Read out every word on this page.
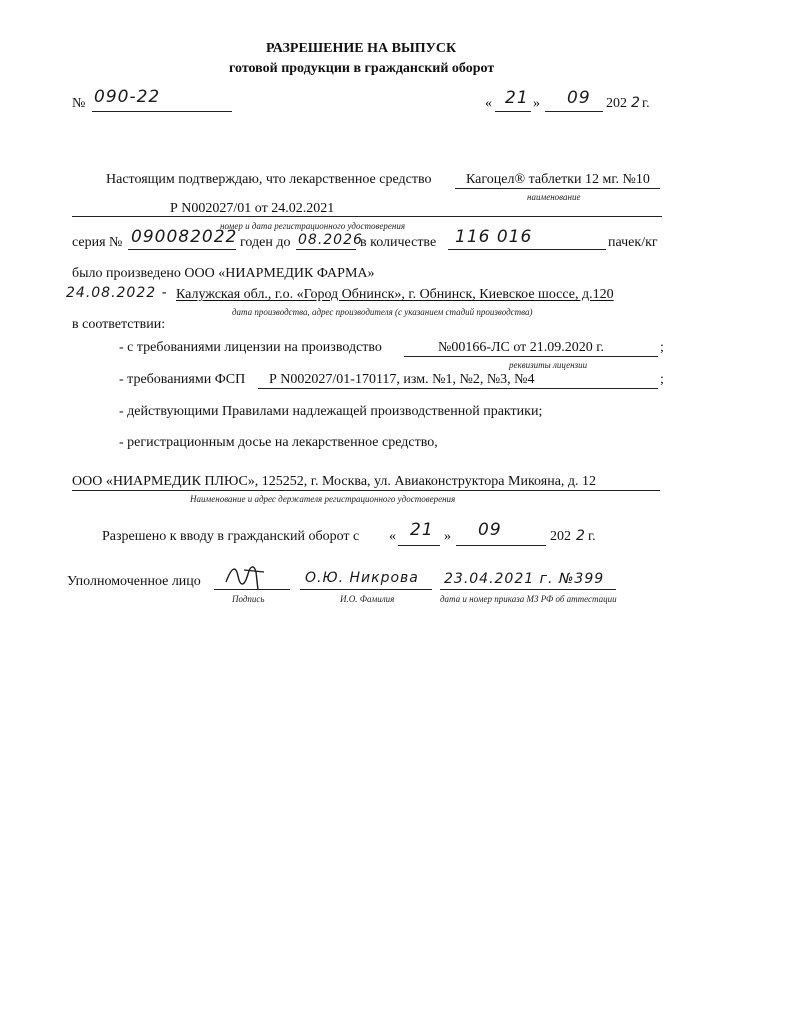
РАЗРЕШЕНИЕ НА ВЫПУСК
готовой продукции в гражданский оборот
№ 090-22	« 21 » 09 202 2 г.
Настоящим подтверждаю, что лекарственное средство Кагоцел® таблетки 12 мг. №10
наименование
Р N002027/01 от 24.02.2021
номер и дата регистрационного удостоверения
серия № 090082022 годен до 08.2026
в количестве 116 016	пачек/кг
было произведено ООО «НИАРМЕДИК ФАРМА»
24.08.2022 - Калужская обл., г.о. «Город Обнинск», г. Обнинск, Киевское шоссе, д.120
дата производства, адрес производителя (с указанием стадий производства)
в соответствии:
- с требованиями лицензии на производство	№00166-ЛС от 21.09.2020 г.	;
реквизиты лицензии
- требованиями ФСП Р N002027/01-170117, изм. №1, №2, №3, №4	;
- действующими Правилами надлежащей производственной практики;
- регистрационным досье на лекарственное средство,
ООО «НИАРМЕДИК ПЛЮС», 125252, г. Москва, ул. Авиаконструктора Микояна, д. 12
Наименование и адрес держателя регистрационного удостоверения
Разрешено к вводу в гражданский оборот с « 21 » 09	202 2 г.
Уполномоченное лицо	О.Ю. Никрова 23.04.2021 г. №399
Подпись	И.О. Фамилия	дата и номер приказа МЗ РФ об аттестации
